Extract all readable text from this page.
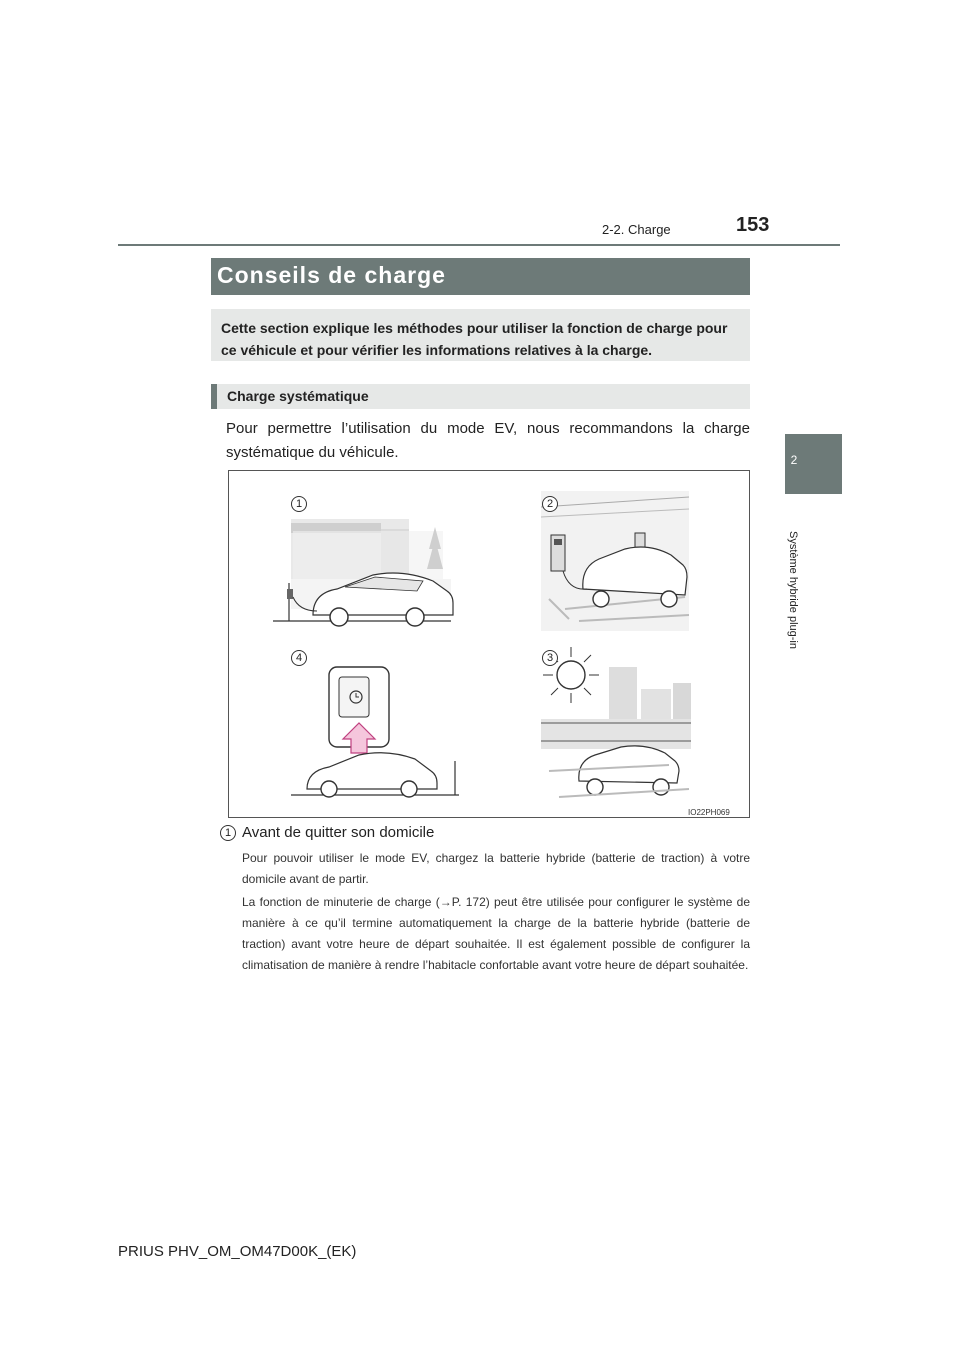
2-2. Charge	153
2
Système hybride plug-in
Conseils de charge
Cette section explique les méthodes pour utiliser la fonction de charge pour ce véhicule et pour vérifier les informations relatives à la charge.
Charge systématique
Pour permettre l’utilisation du mode EV, nous recommandons la charge systématique du véhicule.
1	2
3
4
IO22PH069
1 Avant de quitter son domicile
Pour pouvoir utiliser le mode EV, chargez la batterie hybride (batterie de traction) à votre domicile avant de partir.
La fonction de minuterie de charge (→P. 172) peut être utilisée pour configurer le système de manière à ce qu’il termine automatiquement la charge de la batterie hybride (batterie de traction) avant votre heure de départ souhaitée. Il est également possible de configurer la climatisation de manière à rendre l’habitacle confortable avant votre heure de départ souhaitée.
PRIUS PHV_OM_OM47D00K_(EK)
